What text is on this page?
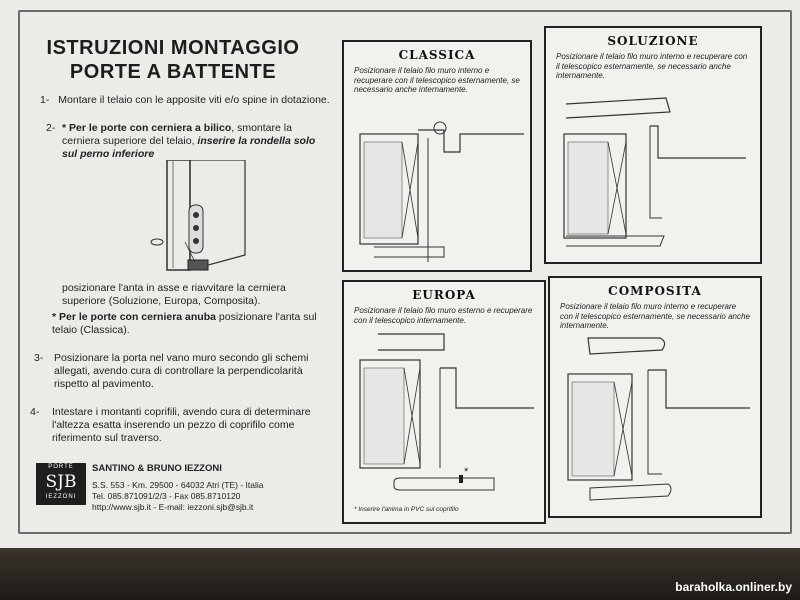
ISTRUZIONI MONTAGGIO
PORTE A BATTENTE
1- Montare il telaio con le apposite viti e/o spine in dotazione.
2- * Per le porte con cerniera a bilico, smontare la cerniera superiore del telaio, inserire la rondella solo sul perno inferiore
posizionare l'anta in asse e riavvitare la cerniera superiore (Soluzione, Europa, Composita).
* Per le porte con cerniera anuba posizionare l'anta sul telaio (Classica).
3- Posizionare la porta nel vano muro secondo gli schemi allegati, avendo cura di controllare la perpendicolarità rispetto al pavimento.
4- Intestare i montanti coprifili, avendo cura di determinare l'altezza esatta inserendo un pezzo di coprifilo come riferimento sul traverso.
PORTE
SJB
IEZZONI
SANTINO & BRUNO IEZZONI
S.S. 553 - Km. 29500 - 64032 Atri (TE) - Italia
Tel. 085.871091/2/3 - Fax 085.8710120
http://www.sjb.it - E-mail: iezzoni.sjb@sjb.it
CLASSICA
Posizionare il telaio filo muro interno e recuperare con il telescopico esternamente, se necessario anche internamente.
SOLUZIONE
Posizionare il telaio filo muro interno e recuperare con il telescopico esternamente, se necessario anche internamente.
EUROPA
Posizionare il telaio filo muro esterno e recuperare con il telescopico internamente.
*
* Inserire l'anima in PVC sul coprifilo
COMPOSITA
Posizionare il telaio filo muro interno e recuperare con il telescopico esternamente, se necessario anche internamente.
baraholka.onliner.by
